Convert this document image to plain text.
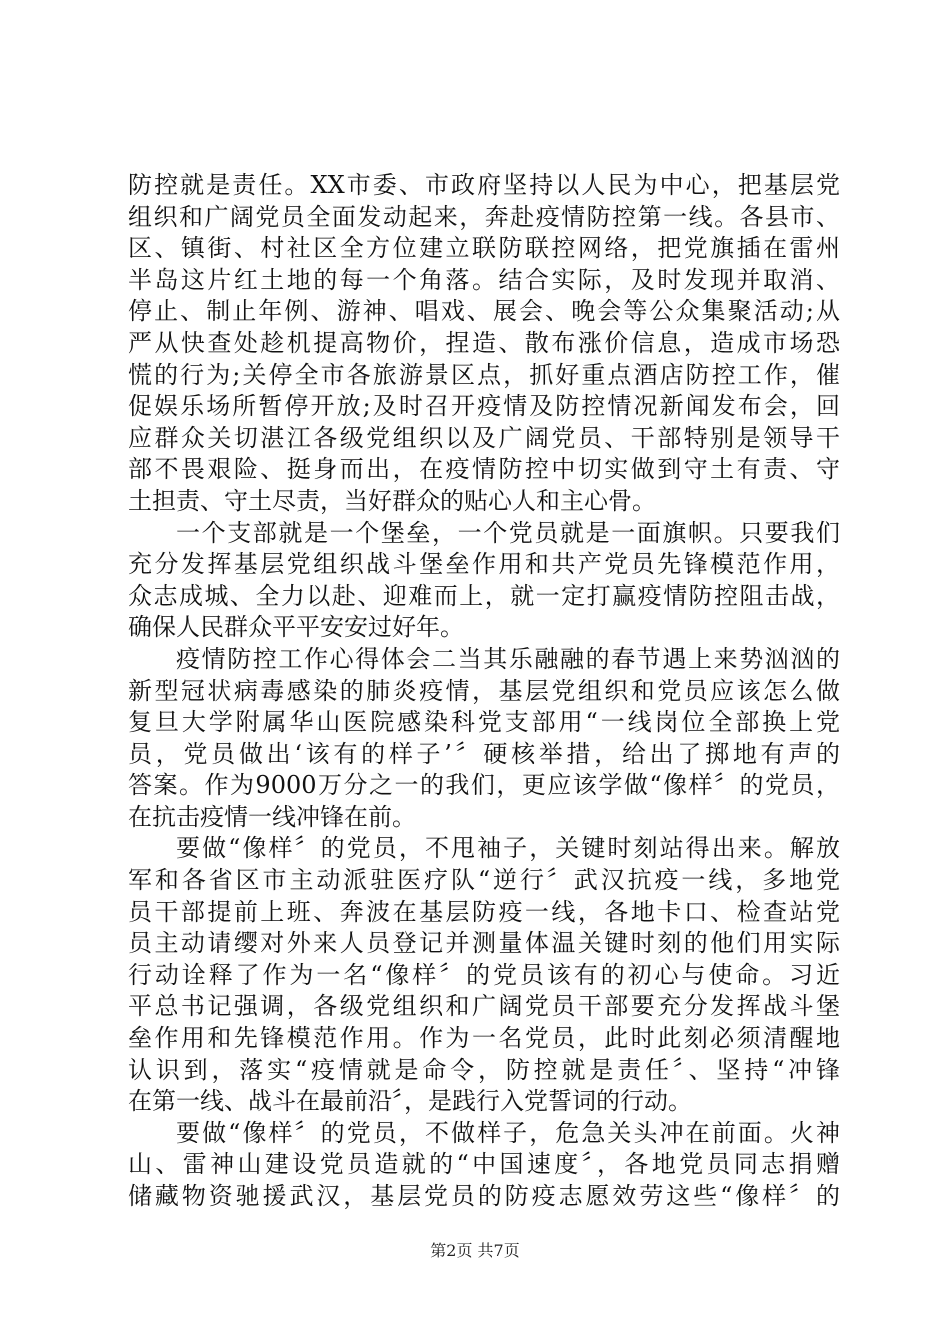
防控就是责任。XX市委、市政府坚持以人民为中心，把基层党
组织和广阔党员全面发动起来，奔赴疫情防控第一线。各县市、
区、镇街、村社区全方位建立联防联控网络，把党旗插在雷州
半岛这片红土地的每一个角落。结合实际，及时发现并取消、
停止、制止年例、游神、唱戏、展会、晚会等公众集聚活动;从
严从快查处趁机提高物价，捏造、散布涨价信息，造成市场恐
慌的行为;关停全市各旅游景区点，抓好重点酒店防控工作，催
促娱乐场所暂停开放;及时召开疫情及防控情况新闻发布会，回
应群众关切湛江各级党组织以及广阔党员、干部特别是领导干
部不畏艰险、挺身而出，在疫情防控中切实做到守土有责、守
土担责、守土尽责，当好群众的贴心人和主心骨。
一个支部就是一个堡垒，一个党员就是一面旗帜。只要我们
充分发挥基层党组织战斗堡垒作用和共产党员先锋模范作用，
众志成城、全力以赴、迎难而上，就一定打赢疫情防控阻击战，
确保人民群众平平安安过好年。
疫情防控工作心得体会二当其乐融融的春节遇上来势汹汹的
新型冠状病毒感染的肺炎疫情，基层党组织和党员应该怎么做
复旦大学附属华山医院感染科党支部用“一线岗位全部换上党
员，党员做出‘该有的样子’〞硬核举措，给出了掷地有声的
答案。作为9000万分之一的我们，更应该学做“像样〞的党员，
在抗击疫情一线冲锋在前。
要做“像样〞的党员，不甩袖子，关键时刻站得出来。解放
军和各省区市主动派驻医疗队“逆行〞武汉抗疫一线，多地党
员干部提前上班、奔波在基层防疫一线，各地卡口、检查站党
员主动请缨对外来人员登记并测量体温关键时刻的他们用实际
行动诠释了作为一名“像样〞的党员该有的初心与使命。习近
平总书记强调，各级党组织和广阔党员干部要充分发挥战斗堡
垒作用和先锋模范作用。作为一名党员，此时此刻必须清醒地
认识到，落实“疫情就是命令，防控就是责任〞、坚持“冲锋
在第一线、战斗在最前沿〞，是践行入党誓词的行动。
要做“像样〞的党员，不做样子，危急关头冲在前面。火神
山、雷神山建设党员造就的“中国速度〞，各地党员同志捐赠
储藏物资驰援武汉，基层党员的防疫志愿效劳这些“像样〞的
第2页 共7页
